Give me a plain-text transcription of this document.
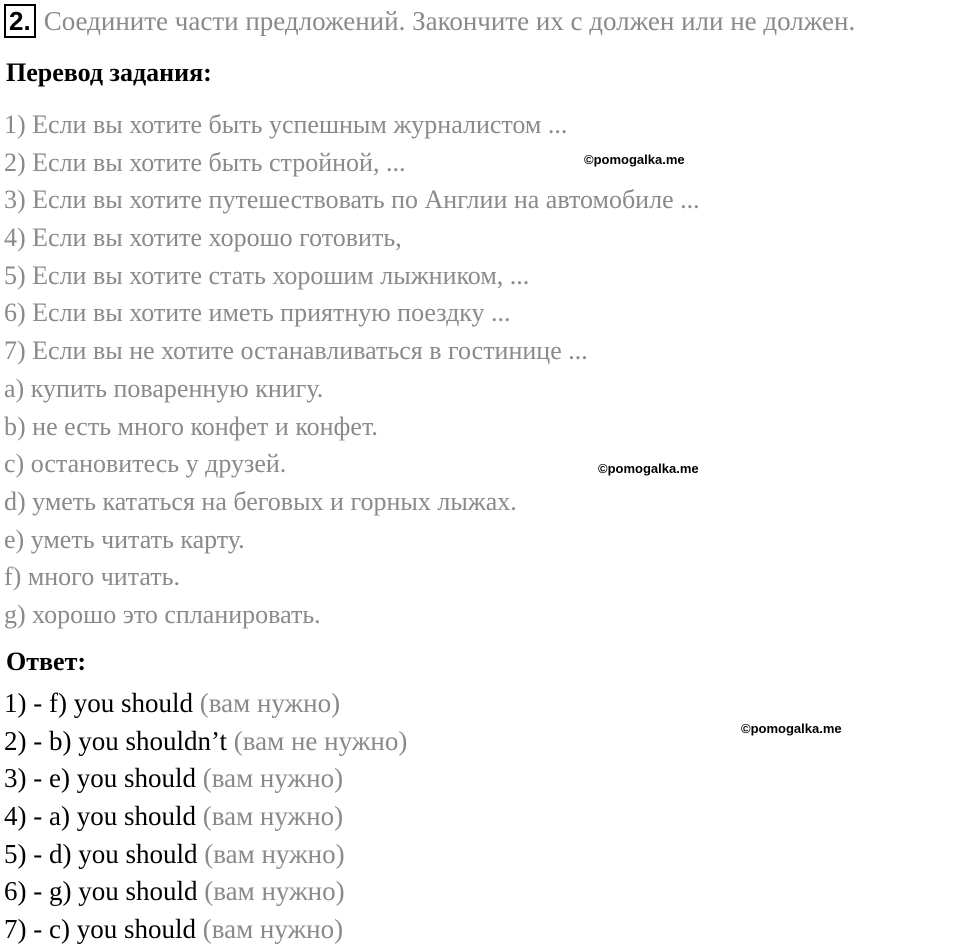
2. Соедините части предложений. Закончите их с должен или не должен.
Перевод задания:
1) Если вы хотите быть успешным журналистом ...
2) Если вы хотите быть стройной, ...
3) Если вы хотите путешествовать по Англии на автомобиле ...
4) Если вы хотите хорошо готовить,
5) Если вы хотите стать хорошим лыжником, ...
6) Если вы хотите иметь приятную поездку ...
7) Если вы не хотите останавливаться в гостинице ...
a) купить поваренную книгу.
b) не есть много конфет и конфет.
c) остановитесь у друзей.
d) уметь кататься на беговых и горных лыжах.
e) уметь читать карту.
f) много читать.
g) хорошо это спланировать.
Ответ:
1) - f) you should (вам нужно)
2) - b) you shouldn’t (вам не нужно)
3) - e) you should (вам нужно)
4) - a) you should (вам нужно)
5) - d) you should (вам нужно)
6) - g) you should (вам нужно)
7) - c) you should (вам нужно)
©pomogalka.me
©pomogalka.me
©pomogalka.me
